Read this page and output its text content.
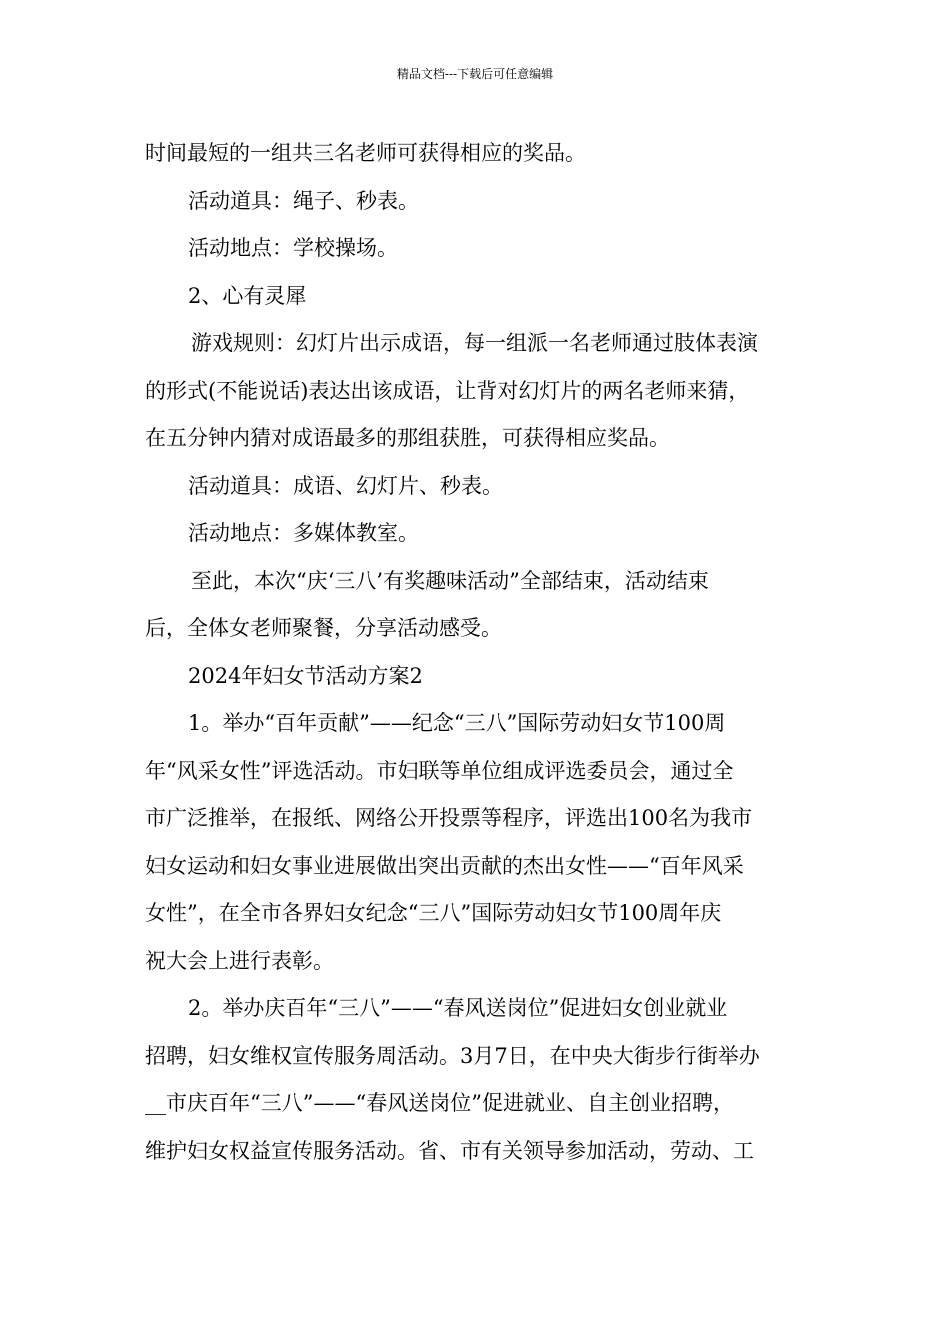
精品文档---下载后可任意编辑

时间最短的一组共三名老师可获得相应的奖品。

活动道具：绳子、秒表。

活动地点：学校操场。

2、心有灵犀

游戏规则：幻灯片出示成语，每一组派一名老师通过肢体表演

的形式(不能说话)表达出该成语，让背对幻灯片的两名老师来猜，

在五分钟内猜对成语最多的那组获胜，可获得相应奖品。

活动道具：成语、幻灯片、秒表。

活动地点：多媒体教室。

至此，本次“庆‘三八’有奖趣味活动”全部结束，活动结束

后，全体女老师聚餐，分享活动感受。

2024年妇女节活动方案2

1。举办“百年贡献”——纪念“三八”国际劳动妇女节100周

年“风采女性”评选活动。市妇联等单位组成评选委员会，通过全

市广泛推举，在报纸、网络公开投票等程序，评选出100名为我市

妇女运动和妇女事业进展做出突出贡献的杰出女性——“百年风采

女性”，在全市各界妇女纪念“三八”国际劳动妇女节100周年庆

祝大会上进行表彰。

2。举办庆百年“三八”——“春风送岗位”促进妇女创业就业

招聘，妇女维权宣传服务周活动。3月7日，在中央大街步行街举办

__市庆百年“三八”——“春风送岗位”促进就业、自主创业招聘，

维护妇女权益宣传服务活动。省、市有关领导参加活动，劳动、工
